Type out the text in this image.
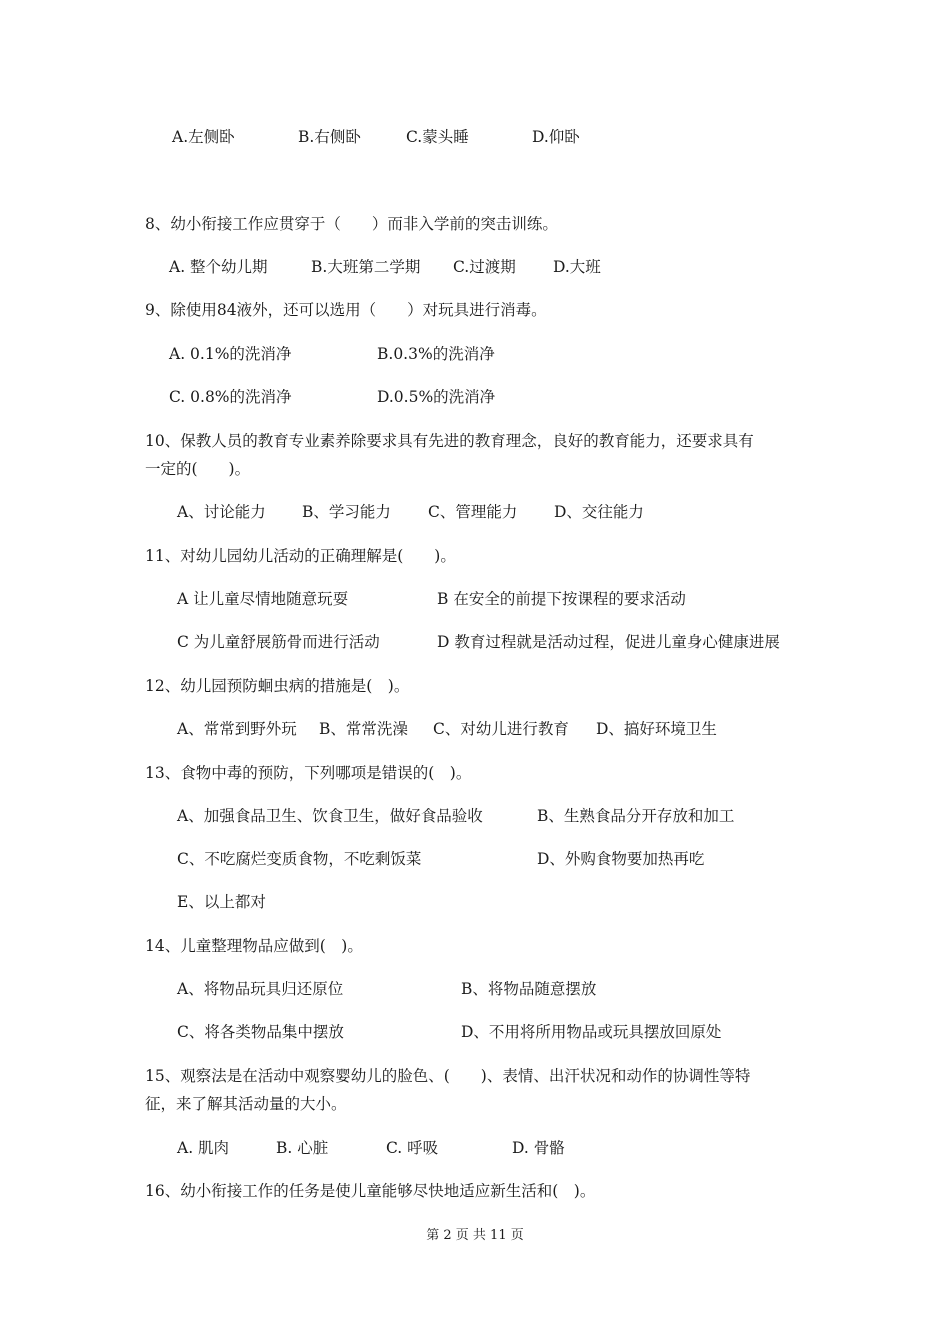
A.左侧卧	B.右侧卧	C.蒙头睡	D.仰卧
8、幼小衔接工作应贯穿于（　　）而非入学前的突击训练。
A. 整个幼儿期	B.大班第二学期 C.过渡期 D.大班
9、除使用84液外，还可以选用（　　）对玩具进行消毒。
A. 0.1%的洗消净	B.0.3%的洗消净
C. 0.8%的洗消净	D.0.5%的洗消净
10、保教人员的教育专业素养除要求具有先进的教育理念，良好的教育能力，还要求具有
一定的(　　)。
A、讨论能力 B、学习能力 C、管理能力 D、交往能力
11、对幼儿园幼儿活动的正确理解是(　　)。
A 让儿童尽情地随意玩耍	B 在安全的前提下按课程的要求活动
C 为儿童舒展筋骨而进行活动	D 教育过程就是活动过程，促进儿童身心健康进展
12、幼儿园预防蛔虫病的措施是(　)。
A、常常到野外玩 B、常常洗澡 C、对幼儿进行教育 D、搞好环境卫生
13、食物中毒的预防，下列哪项是错误的(　)。
A、加强食品卫生、饮食卫生，做好食品验收	B、生熟食品分开存放和加工
C、不吃腐烂变质食物，不吃剩饭菜	D、外购食物要加热再吃
E、以上都对
14、儿童整理物品应做到(　)。
A、将物品玩具归还原位	B、将物品随意摆放
C、将各类物品集中摆放	D、不用将所用物品或玩具摆放回原处
15、观察法是在活动中观察婴幼儿的脸色、(　　)、表情、出汗状况和动作的协调性等特
征，来了解其活动量的大小。
A. 肌肉	B. 心脏	C. 呼吸	D. 骨骼
16、幼小衔接工作的任务是使儿童能够尽快地适应新生活和(　)。
第 2 页 共 11 页
